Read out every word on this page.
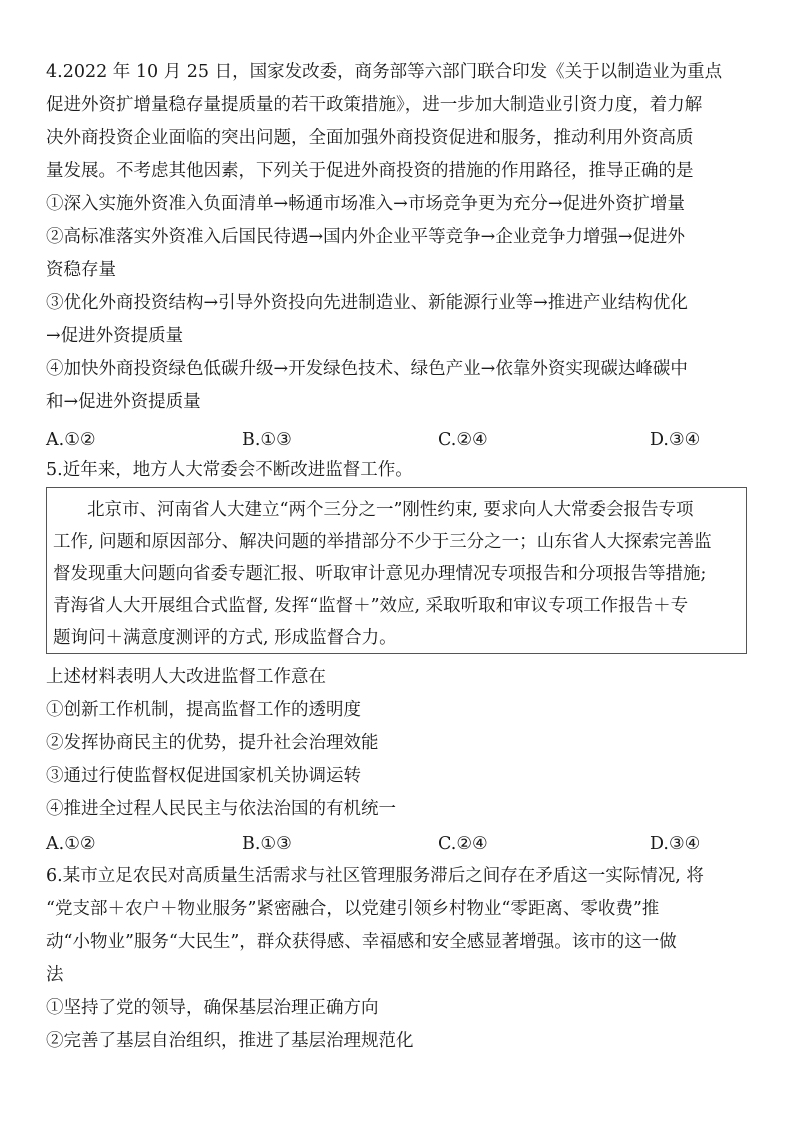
4.2022 年 10 月 25 日，国家发改委，商务部等六部门联合印发《关于以制造业为重点
促进外资扩增量稳存量提质量的若干政策措施》，进一步加大制造业引资力度，着力解
决外商投资企业面临的突出问题，全面加强外商投资促进和服务，推动利用外资高质
量发展。不考虑其他因素，下列关于促进外商投资的措施的作用路径，推导正确的是
①深入实施外资准入负面清单→畅通市场准入→市场竞争更为充分→促进外资扩增量
②高标准落实外资准入后国民待遇→国内外企业平等竞争→企业竞争力增强→促进外
资稳存量
③优化外商投资结构→引导外资投向先进制造业、新能源行业等→推进产业结构优化
→促进外资提质量
④加快外商投资绿色低碳升级→开发绿色技术、绿色产业→依靠外资实现碳达峰碳中
和→促进外资提质量
A.①②	B.①③	C.②④	D.③④
5.近年来，地方人大常委会不断改进监督工作。
北京市、河南省人大建立“两个三分之一”刚性约束, 要求向人大常委会报告专项
工作, 问题和原因部分、解决问题的举措部分不少于三分之一；山东省人大探索完善监
督发现重大问题向省委专题汇报、听取审计意见办理情况专项报告和分项报告等措施;
青海省人大开展组合式监督, 发挥“监督＋”效应, 采取听取和审议专项工作报告＋专
题询问＋满意度测评的方式, 形成监督合力。
上述材料表明人大改进监督工作意在
①创新工作机制，提高监督工作的透明度
②发挥协商民主的优势，提升社会治理效能
③通过行使监督权促进国家机关协调运转
④推进全过程人民民主与依法治国的有机统一
A.①②	B.①③	C.②④	D.③④
6.某市立足农民对高质量生活需求与社区管理服务滞后之间存在矛盾这一实际情况, 将
“党支部＋农户＋物业服务”紧密融合，以党建引领乡村物业“零距离、零收费”推
动“小物业”服务“大民生”，群众获得感、幸福感和安全感显著增强。该市的这一做
法
①坚持了党的领导，确保基层治理正确方向
②完善了基层自治组织，推进了基层治理规范化
